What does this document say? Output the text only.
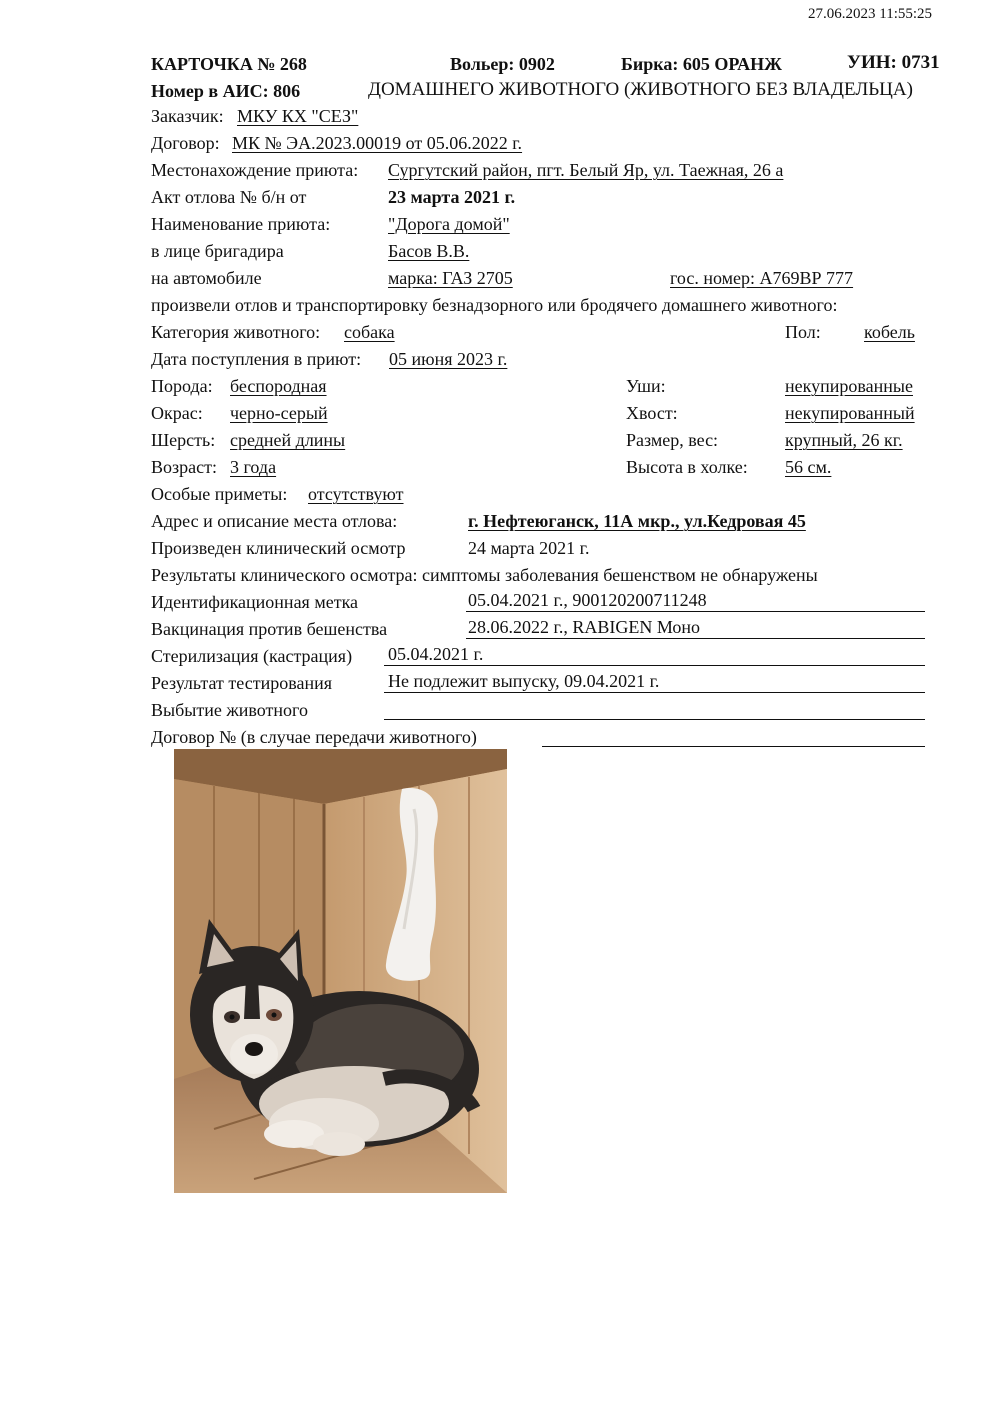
27.06.2023 11:55:25
КАРТОЧКА № 268	Вольер: 0902	Бирка: 605 ОРАНЖ	УИН: 0731
Номер в АИС: 806	ДОМАШНЕГО ЖИВОТНОГО (ЖИВОТНОГО БЕЗ ВЛАДЕЛЬЦА)
Заказчик: МКУ КХ "СЕЗ"
Договор: МК № ЭА.2023.00019 от 05.06.2022 г.
Местонахождение приюта: Сургутский район, пгт. Белый Яр, ул. Таежная, 26 а
Акт отлова № б/н от	23 марта 2021 г.
Наименование приюта:	"Дорога домой"
в лице бригадира	Басов В.В.
на автомобиле	марка: ГАЗ 2705	гос. номер: А769ВР 777
произвели отлов и транспортировку безнадзорного или бродячего домашнего животного:
Категория животного: собака	Пол: кобель
Дата поступления в приют: 05 июня 2023 г.
Порода: беспородная	Уши:	некупированные
Окрас: черно-серый	Хвост:	некупированный
Шерсть: средней длины	Размер, вес:	крупный, 26 кг.
Возраст: 3 года	Высота в холке: 56 см.
Особые приметы: отсутствуют
Адрес и описание места отлова:	г. Нефтеюганск, 11А мкр., ул.Кедровая 45
Произведен клинический осмотр	24 марта 2021 г.
Результаты клинического осмотра: симптомы заболевания бешенством не обнаружены
Идентификационная метка	05.04.2021 г., 900120200711248
Вакцинация против бешенства	28.06.2022 г., RABIGEN Моно
Стерилизация (кастрация) 05.04.2021 г.
Результат тестирования	Не подлежит выпуску, 09.04.2021 г.
Выбытие животного
Договор № (в случае передачи животного)
